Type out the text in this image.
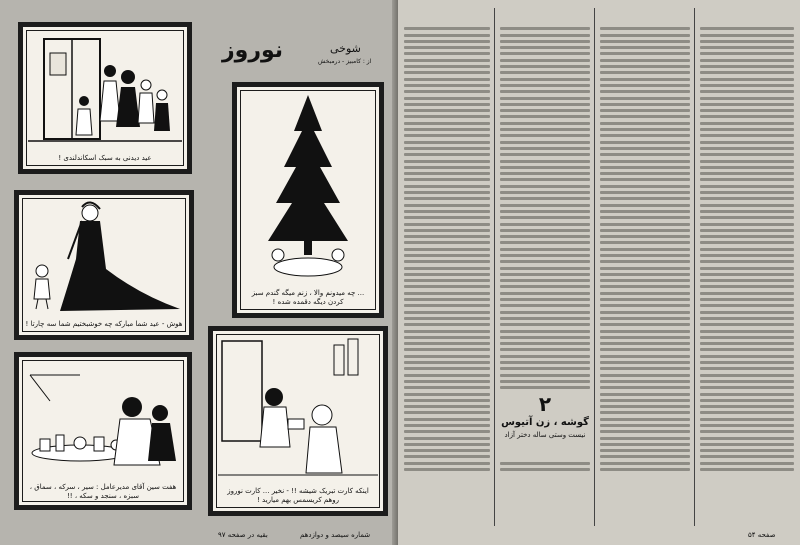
نوروز	شوخی
از : کامبیز - درمبخش
عید دیدنی به سبک اسکاندلندی !
هوش - عید شما مبارکه چه خوشبختیم شما سه چارتا !
هفت سین آقای مدیرعامل : سیر ، سرکه ، سماق ، سبزه ، سنجد و سکه ، !!
... چه میدونم والا ، زنم میگه گندم سبز کردن دیگه دقمده شده !
اینکه کارت تبریک شیشه !! - نخیر ... کارت نوروز روهم کریسمس بهم میارید !
شماره سیصد و دوازدهم
بقیه در صفحه ۹۷
۲
گوشه ، زن آتیوس
نیست وستی ساله دختر آزاد
صفحه ۵۴
